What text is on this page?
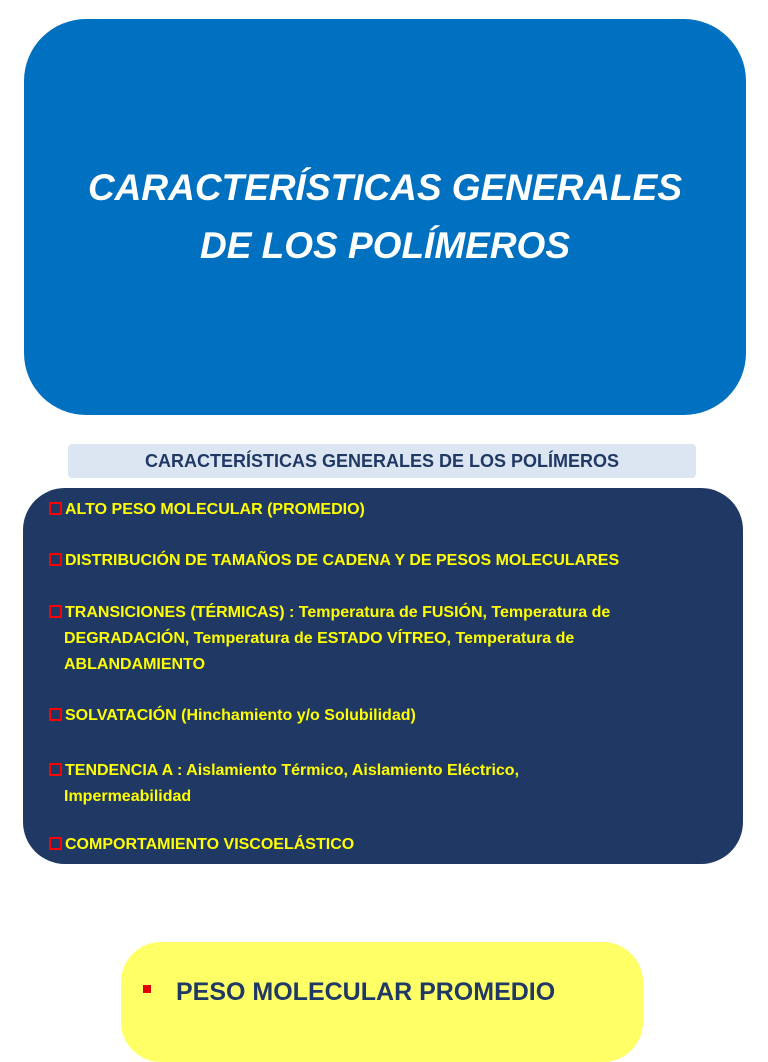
CARACTERÍSTICAS GENERALES
DE LOS POLÍMEROS

CARACTERÍSTICAS GENERALES DE LOS POLÍMEROS
ALTO PESO MOLECULAR (PROMEDIO)
DISTRIBUCIÓN DE TAMAÑOS DE CADENA Y DE PESOS MOLECULARES
TRANSICIONES (TÉRMICAS) : Temperatura de FUSIÓN, Temperatura de
DEGRADACIÓN, Temperatura de ESTADO VÍTREO, Temperatura de
ABLANDAMIENTO
SOLVATACIÓN (Hinchamiento y/o Solubilidad)
TENDENCIA A : Aislamiento Térmico, Aislamiento Eléctrico,
Impermeabilidad
COMPORTAMIENTO VISCOELÁSTICO
PESO MOLECULAR PROMEDIO
